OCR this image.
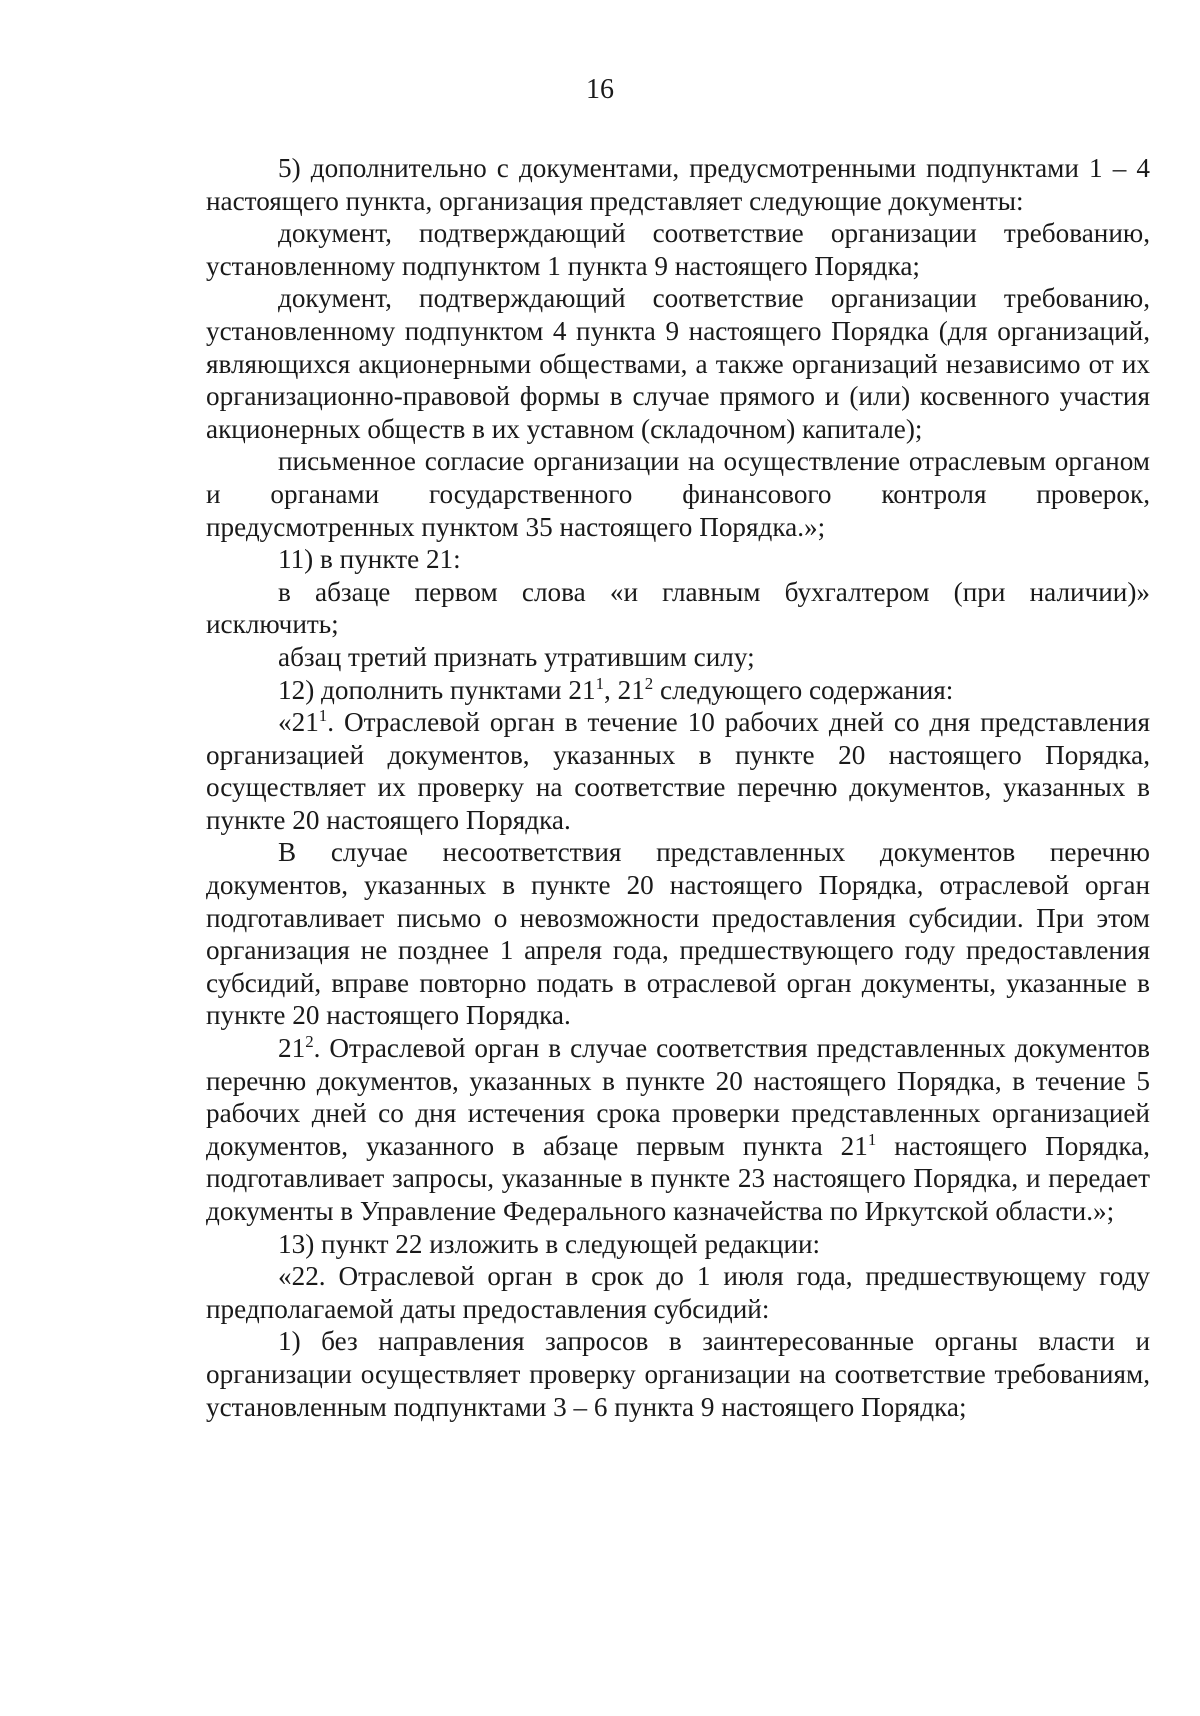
16

5) дополнительно с документами, предусмотренными подпунктами 1 – 4 настоящего пункта, организация представляет следующие документы:

документ, подтверждающий соответствие организации требованию, установленному подпунктом 1 пункта 9 настоящего Порядка;

документ, подтверждающий соответствие организации требованию, установленному подпунктом 4 пункта 9 настоящего Порядка (для организаций, являющихся акционерными обществами, а также организаций независимо от их организационно-правовой формы в случае прямого и (или) косвенного участия акционерных обществ в их уставном (складочном) капитале);

письменное согласие организации на осуществление отраслевым органом и органами государственного финансового контроля проверок, предусмотренных пунктом 35 настоящего Порядка.»;

11) в пункте 21:

в абзаце первом слова «и главным бухгалтером (при наличии)» исключить;

абзац третий признать утратившим силу;

12) дополнить пунктами $21^1$, $21^2$ следующего содержания:

«$21^1$. Отраслевой орган в течение 10 рабочих дней со дня представления организацией документов, указанных в пункте 20 настоящего Порядка, осуществляет их проверку на соответствие перечню документов, указанных в пункте 20 настоящего Порядка.

В случае несоответствия представленных документов перечню документов, указанных в пункте 20 настоящего Порядка, отраслевой орган подготавливает письмо о невозможности предоставления субсидии. При этом организация не позднее 1 апреля года, предшествующего году предоставления субсидий, вправе повторно подать в отраслевой орган документы, указанные в пункте 20 настоящего Порядка.

$21^2$. Отраслевой орган в случае соответствия представленных документов перечню документов, указанных в пункте 20 настоящего Порядка, в течение 5 рабочих дней со дня истечения срока проверки представленных организацией документов, указанного в абзаце первым пункта $21^1$ настоящего Порядка, подготавливает запросы, указанные в пункте 23 настоящего Порядка, и передает документы в Управление Федерального казначейства по Иркутской области.»;

13) пункт 22 изложить в следующей редакции:

«22. Отраслевой орган в срок до 1 июля года, предшествующему году предполагаемой даты предоставления субсидий:

1) без направления запросов в заинтересованные органы власти и организации осуществляет проверку организации на соответствие требованиям, установленным подпунктами 3 – 6 пункта 9 настоящего Порядка;
